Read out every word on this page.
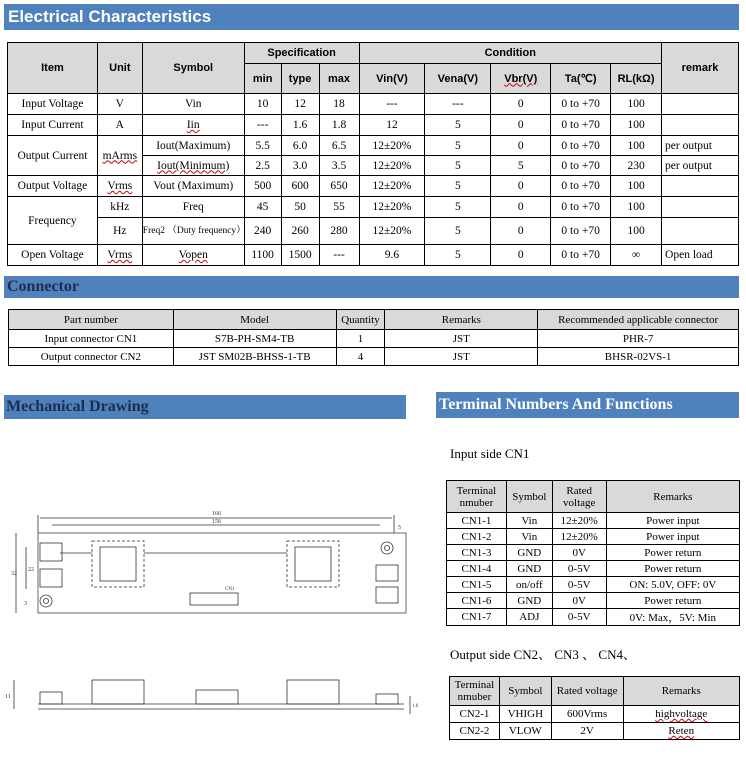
Electrical Characteristics
Connector
Mechanical Drawing	Terminal Numbers And Functions
Item	Unit	Symbol	Specification			Condition					remark
			min	type	max	Vin(V)	Vena(V)	Vbr(V)	Ta(℃)	RL(kΩ)	
Input Voltage	V	Vin	10	12	18	---	---	0	0 to +70	100	
Input Current	A	Iin	---	1.6	1.8	12	5	0	0 to +70	100	
Output Current	mArms	Iout(Maximum)	5.5	6.0	6.5	12±20%	5	0	0 to +70	100	per output
		Iout(Minimum)	2.5	3.0	3.5	12±20%	5	5	0 to +70	230	per output
Output Voltage	Vrms	Vout (Maximum)	500	600	650	12±20%	5	0	0 to +70	100	
Frequency	kHz	Freq	45	50	55	12±20%	5	0	0 to +70	100	
	Hz	Freq2 （Duty frequency）	240	260	280	12±20%	5	0	0 to +70	100	
Open Voltage	Vrms	Vopen	1100	1500	---	9.6	5	0	0 to +70	∞	Open load
Part number	Model	Quantity	Remarks	Recommended applicable connector
Input connector CN1	S7B-PH-SM4-TB	1	JST	PHR-7
Output connector CN2	JST SM02B-BHSS-1-TB	4	JST	BHSR-02VS-1
166
156
5
32
22
3
CN1
11
1.6
Input side CN1
Output side CN2、 CN3 、 CN4、
Terminal nmuber	Symbol	Rated voltage	Remarks
CN1-1	Vin	12±20%	Power input
CN1-2	Vin	12±20%	Power input
CN1-3	GND	0V	Power return
CN1-4	GND	0-5V	Power return
CN1-5	on/off	0-5V	ON: 5.0V, OFF: 0V
CN1-6	GND	0V	Power return
CN1-7	ADJ	0-5V	0V: Max，5V: Min
Terminal nmuber	Symbol	Rated voltage	Remarks
CN2-1	VHIGH	600Vrms	highvoltage
CN2-2	VLOW	2V	Reten
